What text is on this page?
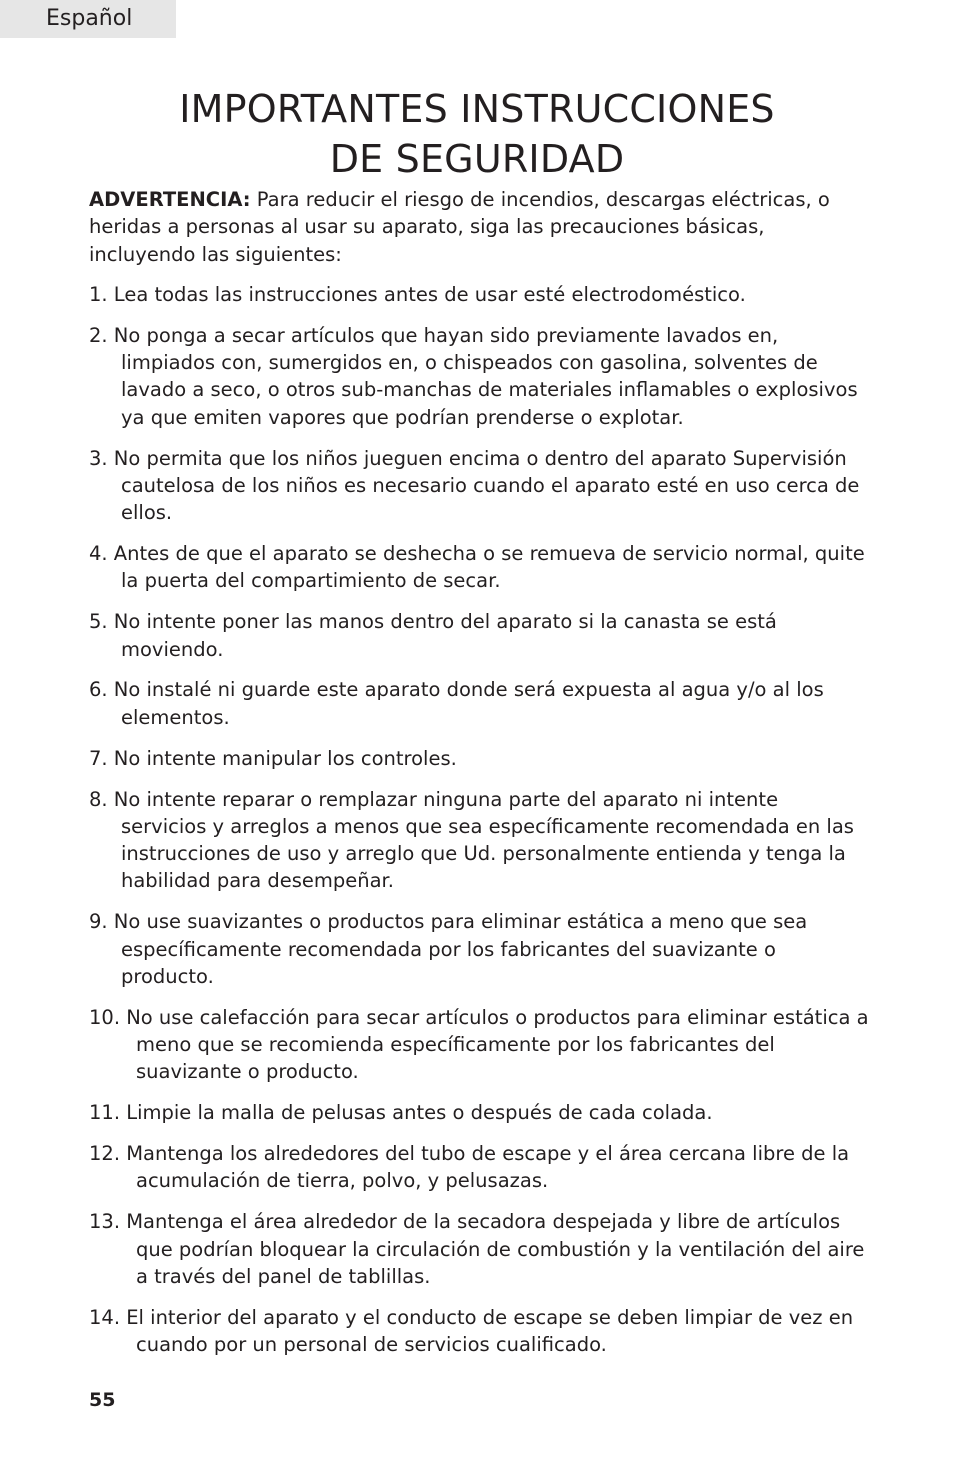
Español
IMPORTANTES INSTRUCCIONES
DE SEGURIDAD

ADVERTENCIA: Para reducir el riesgo de incendios, descargas eléctricas, o heridas a personas al usar su aparato, siga las precauciones básicas, incluyendo las siguientes:

1. Lea todas las instrucciones antes de usar esté electrodoméstico.
2. No ponga a secar artículos que hayan sido previamente lavados en, limpiados con, sumergidos en, o chispeados con gasolina, solventes de lavado a seco, o otros sub-manchas de materiales inflamables o explosivos ya que emiten vapores que podrían prenderse o explotar.
3. No permita que los niños jueguen encima o dentro del aparato Supervisión cautelosa de los niños es necesario cuando el aparato esté en uso cerca de ellos.
4. Antes de que el aparato se deshecha o se remueva de servicio normal, quite la puerta del compartimiento de secar.
5. No intente poner las manos dentro del aparato si la canasta se está moviendo.
6. No instalé ni guarde este aparato donde será expuesta al agua y/o al los elementos.
7. No intente manipular los controles.
8. No intente reparar o remplazar ninguna parte del aparato ni intente servicios y arreglos a menos que sea específicamente recomendada en las instrucciones de uso y arreglo que Ud. personalmente entienda y tenga la habilidad para desempeñar.
9. No use suavizantes o productos para eliminar estática a meno que sea específicamente recomendada por los fabricantes del suavizante o producto.
10. No use calefacción para secar artículos o productos para eliminar estática a meno que se recomienda específicamente por los fabricantes del suavizante o producto.
11. Limpie la malla de pelusas antes o después de cada colada.
12. Mantenga los alrededores del tubo de escape y el área cercana libre de la acumulación de tierra, polvo, y pelusazas.
13. Mantenga el área alrededor de la secadora despejada y libre de artículos que podrían bloquear la circulación de combustión y la ventilación del aire a través del panel de tablillas.
14. El interior del aparato y el conducto de escape se deben limpiar de vez en cuando por un personal de servicios cualificado.
55
